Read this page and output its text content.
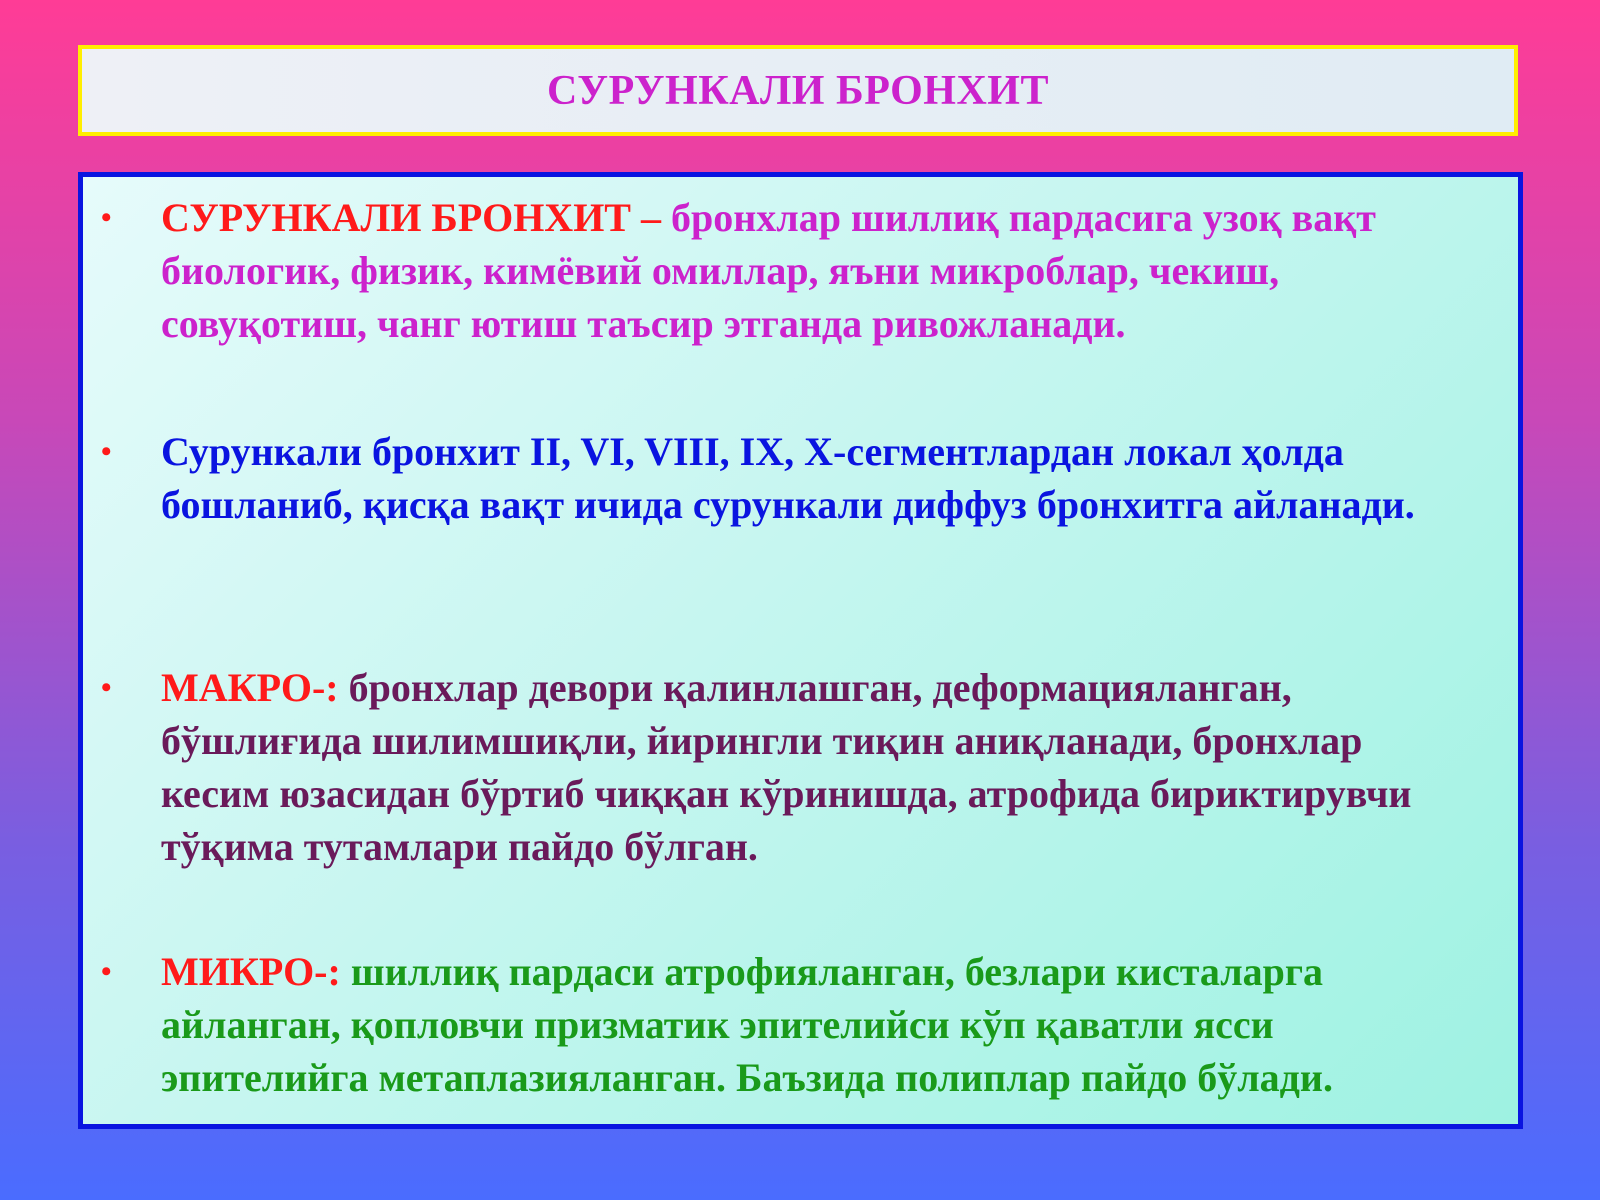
СУРУНКАЛИ БРОНХИТ
• СУРУНКАЛИ БРОНХИТ – бронхлар шиллиқ пардасига узоқ вақт биологик, физик, кимёвий омиллар, яъни микроблар, чекиш, совуқотиш, чанг ютиш таъсир этганда ривожланади.
• Сурункали бронхит II, VI, VIII, IX, X-сегментлардан локал ҳолда бошланиб, қисқа вақт ичида сурункали диффуз бронхитга айланади.
• МАКРО-: бронхлар девори қалинлашган, деформацияланган, бўшлиғида шилимшиқли, йирингли тиқин аниқланади, бронхлар кесим юзасидан бўртиб чиққан кўринишда, атрофида бириктирувчи тўқима тутамлари пайдо бўлган.
• МИКРО-: шиллиқ пардаси атрофияланган, безлари кисталарга айланган, қопловчи призматик эпителийси кўп қаватли ясси эпителийга метаплазияланган. Баъзида полиплар пайдо бўлади.
